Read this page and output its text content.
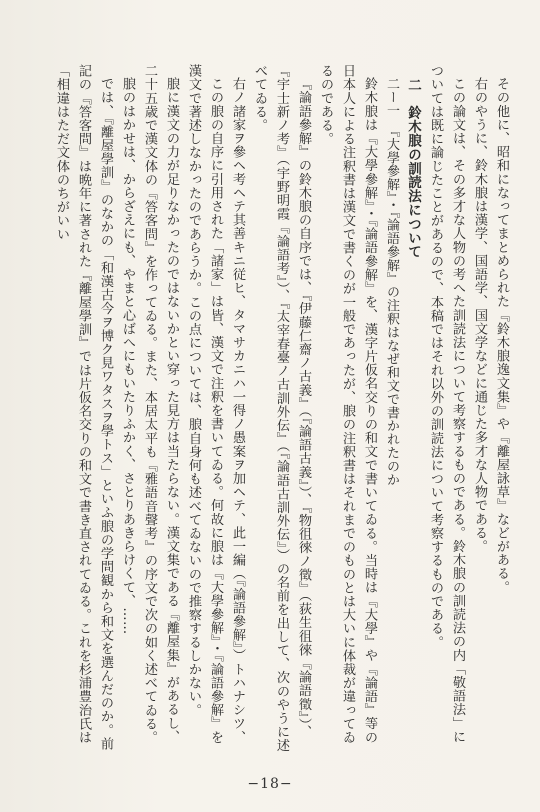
その他に、昭和になってまとめられた『鈴木朖逸文集』や『離屋詠草』などがある。

右のやうに、鈴木朖は漢学、国語学、国文学などに通じた多才な人物である。

この論文は、その多才な人物の考へた訓読法について考察するものである。鈴木朖の訓読法の内「敬語法」については既に論じたことがあるので、本稿ではそれ以外の訓読法について考察するものである。

二　鈴木朖の訓読法について

二ー一　『大學參解』・『論語參解』の注釈はなぜ和文で書かれたのか

鈴木朖は『大學參解』・『論語參解』を、漢字片仮名交りの和文で書いてゐる。当時は『大學』や『論語』等の日本人による注釈書は漢文で書くのが一般であったが、朖の注釈書はそれまでのものとは大いに体裁が違ってゐるのである。

『論語參解』の鈴木朖の自序では、『伊藤仁齋ノ古義』（『論語古義』）、『物徂徠ノ徵』（荻生徂徠『論語徵』）、『宇士新ノ考』（宇野明霞『論語考』）、『太宰春臺ノ古訓外伝』（『論語古訓外伝』）の名前を出して、次のやうに述べてゐる。

右ノ諸家ヲ參ヘ考ヘテ其善キニ従ヒ、タマサカニハ一得ノ愚案ヲ加ヘテ、此一編（『論語參解』）トハナシツ、

この朖の自序に引用された「諸家」は皆、漢文で注釈を書いてゐる。何故に朖は『大學參解』・『論語參解』を漢文で著述しなかったのであらうか。この点については、朖自身何も述べてゐないので推察するしかない。

朖に漢文の力が足りなかったのではないかとい穿った見方は当たらない。漢文集である『離屋集』があるし、二十五歳で漢文体の『答客問』を作ってゐる。また、本居太平も『雅語音聲考』の序文で次の如く述べてゐる。

朖のはかせは、からざえにも、やまと心ばへにもいたりふかく、さとりあきらけくて、……

では、『離屋學訓』のなかの「和漢古今ヲ博ク見ワタスヲ學トス」といふ朖の学問観から和文を選んだのか。前記の『答客問』は晩年に著された『離屋學訓』では片仮名交りの和文で書き直されてゐる。これを杉浦豊治氏は「相違はただ文体のちがいい

−18−
